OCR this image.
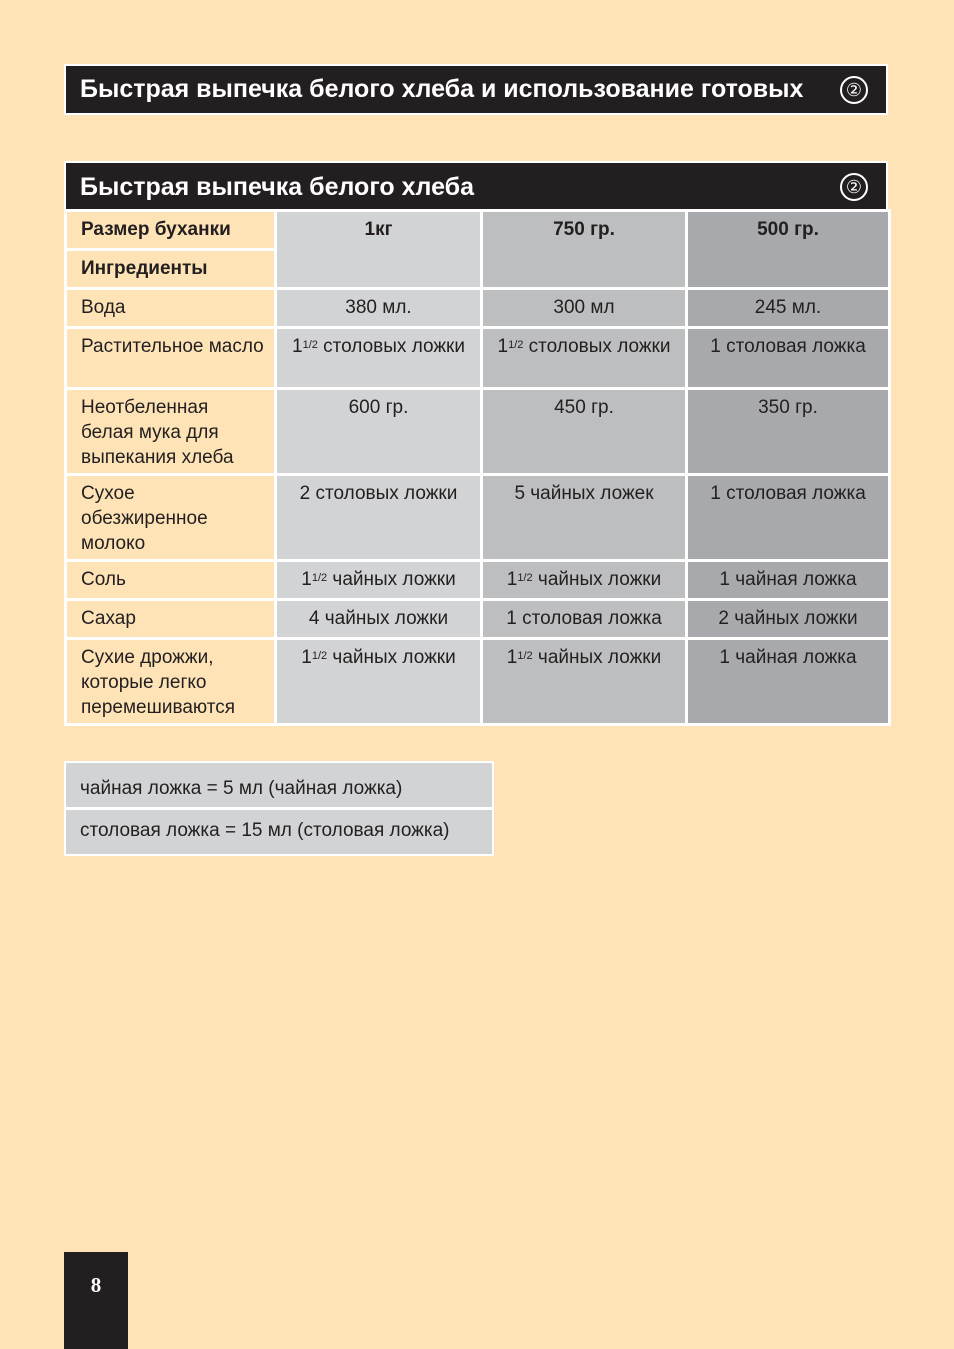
Быстрая выпечка белого хлеба и использование готовых	②
Быстрая выпечка белого хлеба	②
Размер буханки	1кг	750 гр.	500 гр.
Ингредиенты			
Вода	380 мл.	300 мл	245 мл.
Растительное масло	$1^{1/2}$ столовых ложки	$1^{1/2}$ столовых ложки	1 столовая ложка
Неотбеленная белая мука для выпекания хлеба	600 гр.	450 гр.	350 гр.
Сухое обезжиренное молоко	2 столовых ложки	5 чайных ложек	1 столовая ложка
Соль	$1^{1/2}$ чайных ложки	$1^{1/2}$ чайных ложки	1 чайная ложка
Сахар	4 чайных ложки	1 столовая ложка	2 чайных ложки
Сухие дрожжи, которые легко перемешиваются	$1^{1/2}$ чайных ложки	$1^{1/2}$ чайных ложки	1 чайная ложка
чайная ложка = 5 мл (чайная ложка)
столовая ложка = 15 мл (столовая ложка)
8
